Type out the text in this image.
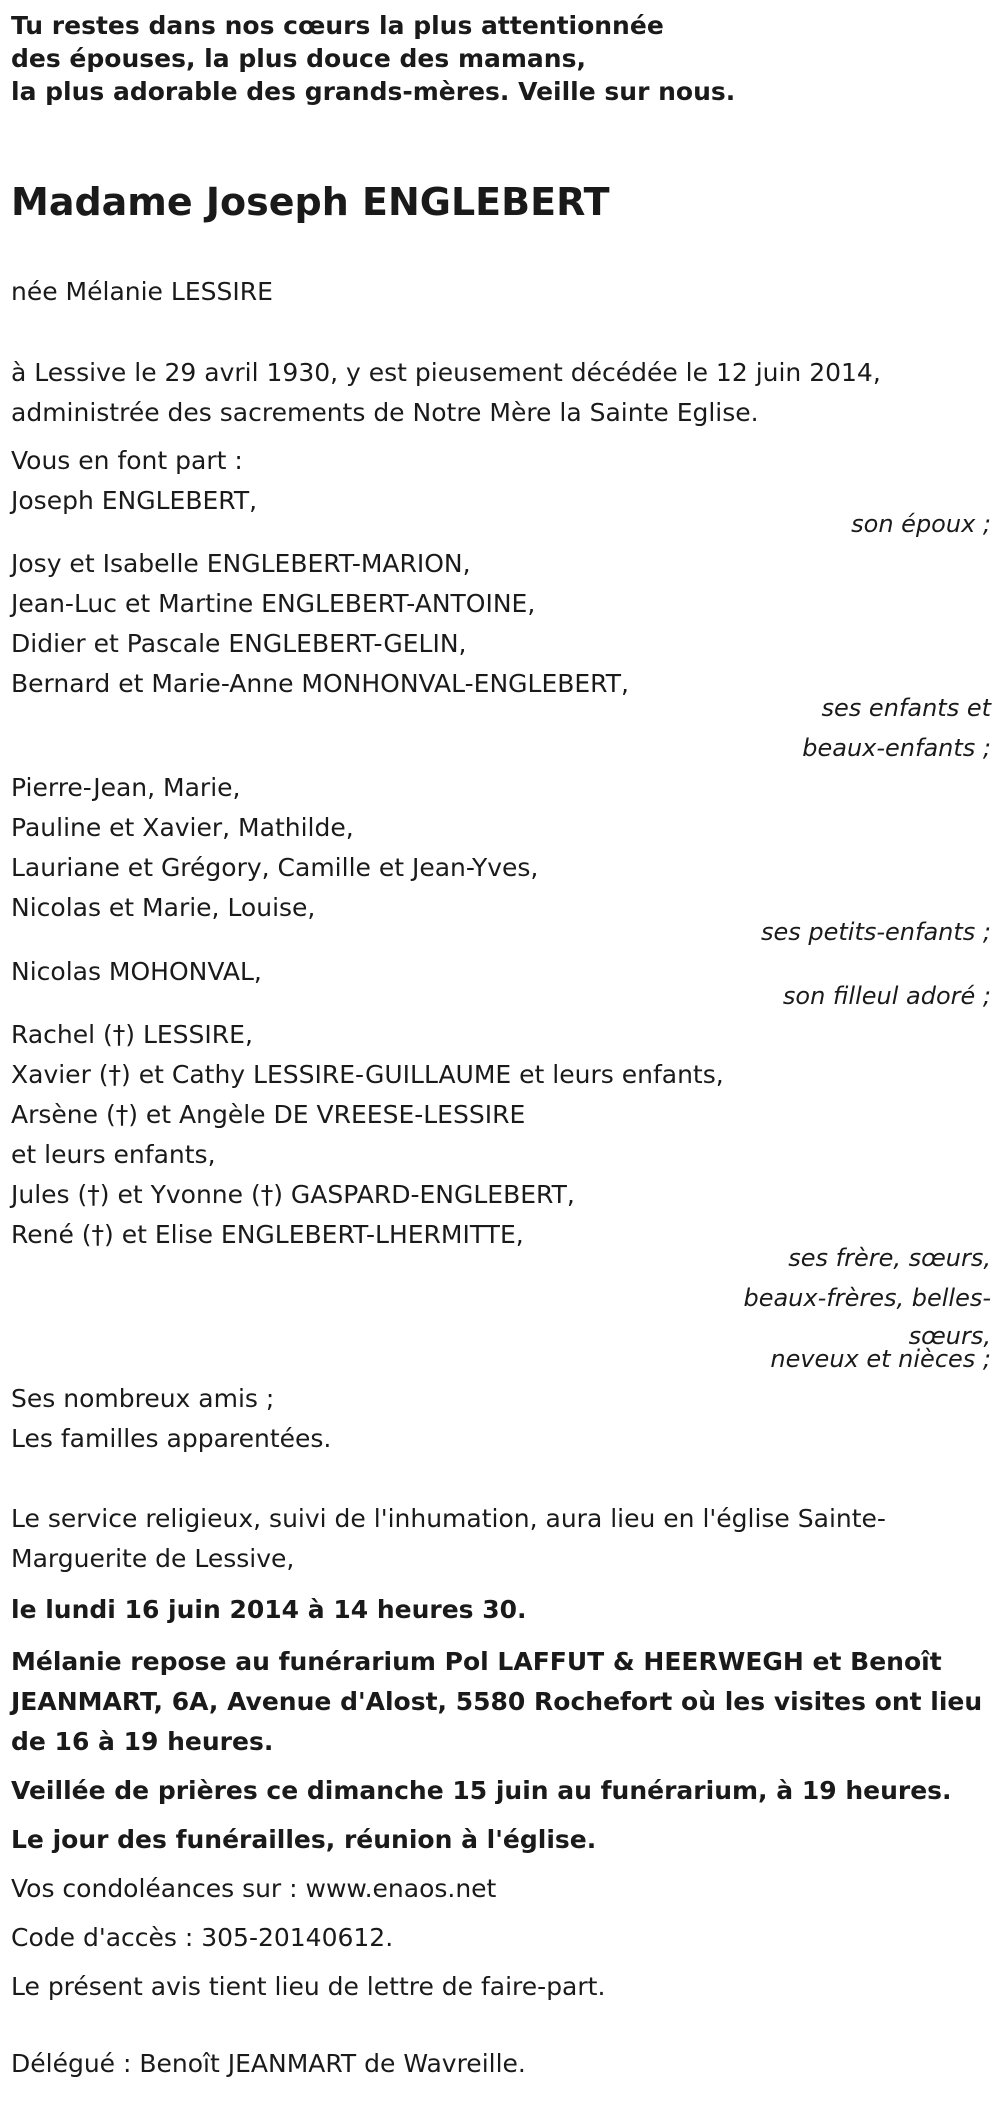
Tu restes dans nos cœurs la plus attentionnée
des épouses, la plus douce des mamans,
la plus adorable des grands-mères. Veille sur nous.
Madame Joseph ENGLEBERT
née Mélanie LESSIRE
à Lessive le 29 avril 1930, y est pieusement décédée le 12 juin 2014,
administrée des sacrements de Notre Mère la Sainte Eglise.
Vous en font part :
Joseph ENGLEBERT,
son époux ;
Josy et Isabelle ENGLEBERT-MARION,
Jean-Luc et Martine ENGLEBERT-ANTOINE,
Didier et Pascale ENGLEBERT-GELIN,
Bernard et Marie-Anne MONHONVAL-ENGLEBERT,
ses enfants et
beaux-enfants ;
Pierre-Jean, Marie,
Pauline et Xavier, Mathilde,
Lauriane et Grégory, Camille et Jean-Yves,
Nicolas et Marie, Louise,
ses petits-enfants ;
Nicolas MOHONVAL,
son filleul adoré ;
Rachel (†) LESSIRE,
Xavier (†) et Cathy LESSIRE-GUILLAUME et leurs enfants,
Arsène (†) et Angèle DE VREESE-LESSIRE
et leurs enfants,
Jules (†) et Yvonne (†) GASPARD-ENGLEBERT,
René (†) et Elise ENGLEBERT-LHERMITTE,
ses frère, sœurs,
beaux-frères, belles-
sœurs,
neveux et nièces ;
Ses nombreux amis ;
Les familles apparentées.
Le service religieux, suivi de l'inhumation, aura lieu en l'église Sainte-
Marguerite de Lessive,
le lundi 16 juin 2014 à 14 heures 30.
Mélanie repose au funérarium Pol LAFFUT & HEERWEGH et Benoît
JEANMART, 6A, Avenue d'Alost, 5580 Rochefort où les visites ont lieu
de 16 à 19 heures.
Veillée de prières ce dimanche 15 juin au funérarium, à 19 heures.
Le jour des funérailles, réunion à l'église.
Vos condoléances sur : www.enaos.net
Code d'accès : 305-20140612.
Le présent avis tient lieu de lettre de faire-part.
Délégué : Benoît JEANMART de Wavreille.
